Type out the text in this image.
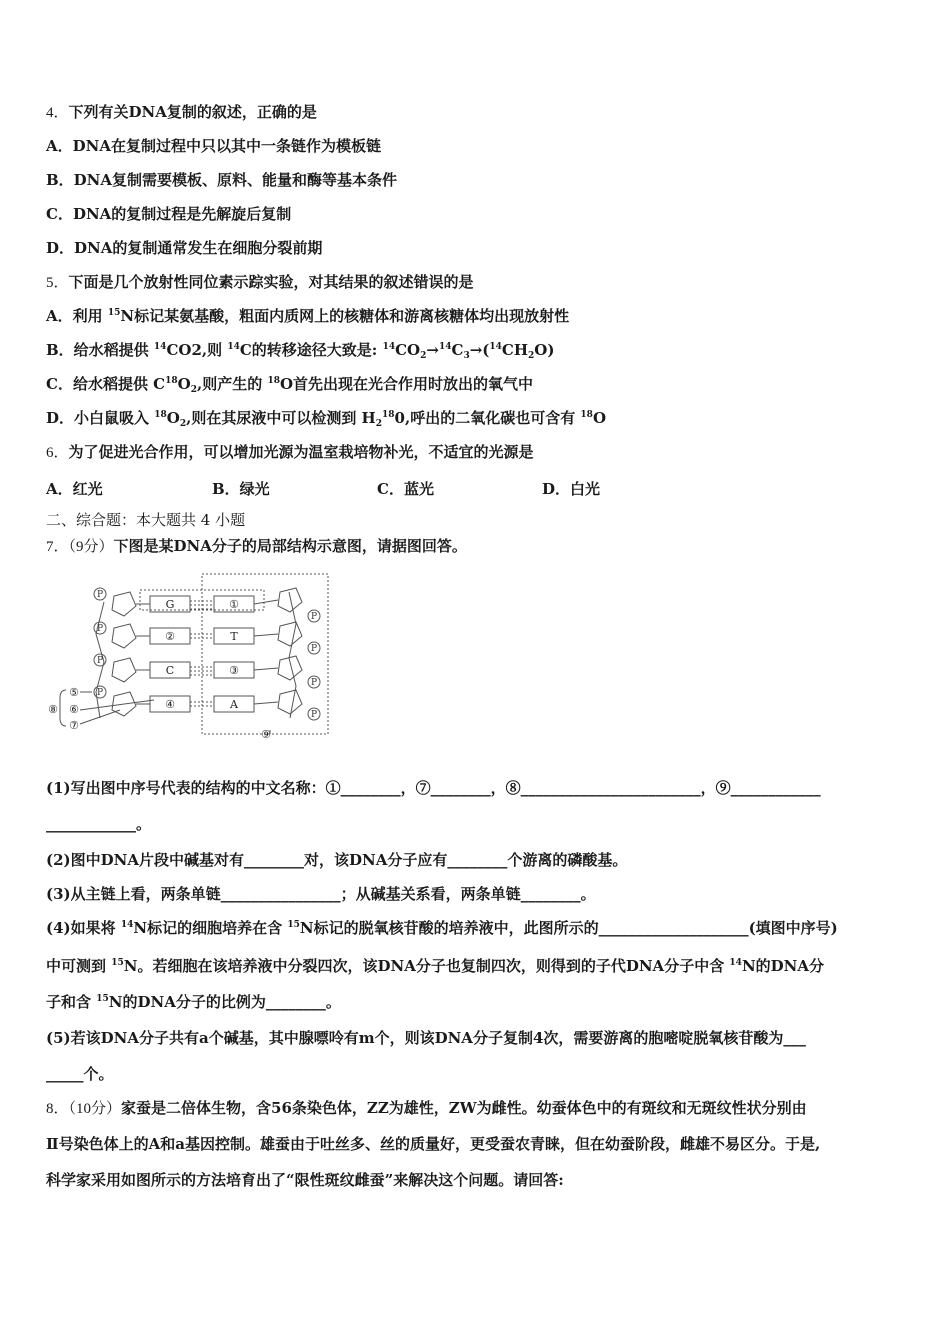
4．下列有关DNA复制的叙述，正确的是
A．DNA在复制过程中只以其中一条链作为模板链
B．DNA复制需要模板、原料、能量和酶等基本条件
C．DNA的复制过程是先解旋后复制
D．DNA的复制通常发生在细胞分裂前期
5．下面是几个放射性同位素示踪实验，对其结果的叙述错误的是
A．利用 $^{15}$N标记某氨基酸，粗面内质网上的核糖体和游离核糖体均出现放射性
B．给水稻提供 $^{14}$CO2,则 $^{14}$C的转移途径大致是: $^{14}CO_2\to^{14}C_3\to(^{14}CH_2O)$
C．给水稻提供 $C^{18}O_2$,则产生的 $^{18}$O首先出现在光合作用时放出的氧气中
D．小白鼠吸入 $^{18}O_2$,则在其尿液中可以检测到 $H_2^{18}0$,呼出的二氧化碳也可含有 $^{18}$O
6．为了促进光合作用，可以增加光源为温室栽培物补光，不适宜的光源是
A．红光	B．绿光	C．蓝光	D．白光
二、综合题：本大题共 4 小题
7．（9分）下图是某DNA分子的局部结构示意图，请据图回答。
P
P
P
P
P
P
P
P
G
②
C
④
①
T
③
A
⑤
⑥
⑦
⑧
⑨
(1)写出图中序号代表的结构的中文名称：①________，⑦________，⑧________________________，⑨____________
____________。
(2)图中DNA片段中碱基对有________对，该DNA分子应有________个游离的磷酸基。
(3)从主链上看，两条单链________________；从碱基关系看，两条单链________。
(4)如果将 $^{14}$N标记的细胞培养在含 $^{15}$N标记的脱氧核苷酸的培养液中，此图所示的____________________(填图中序号)
中可测到 $^{15}$N。若细胞在该培养液中分裂四次，该DNA分子也复制四次，则得到的子代DNA分子中含 $^{14}$N的DNA分
子和含 $^{15}$N的DNA分子的比例为________。
(5)若该DNA分子共有a个碱基，其中腺嘌呤有m个，则该DNA分子复制4次，需要游离的胞嘧啶脱氧核苷酸为___
_____个。
8．（10分）家蚕是二倍体生物，含56条染色体，ZZ为雄性，ZW为雌性。幼蚕体色中的有斑纹和无斑纹性状分别由
Ⅱ号染色体上的A和a基因控制。雄蚕由于吐丝多、丝的质量好，更受蚕农青睐，但在幼蚕阶段，雌雄不易区分。于是,
科学家采用如图所示的方法培育出了“限性斑纹雌蚕”来解决这个问题。请回答:
